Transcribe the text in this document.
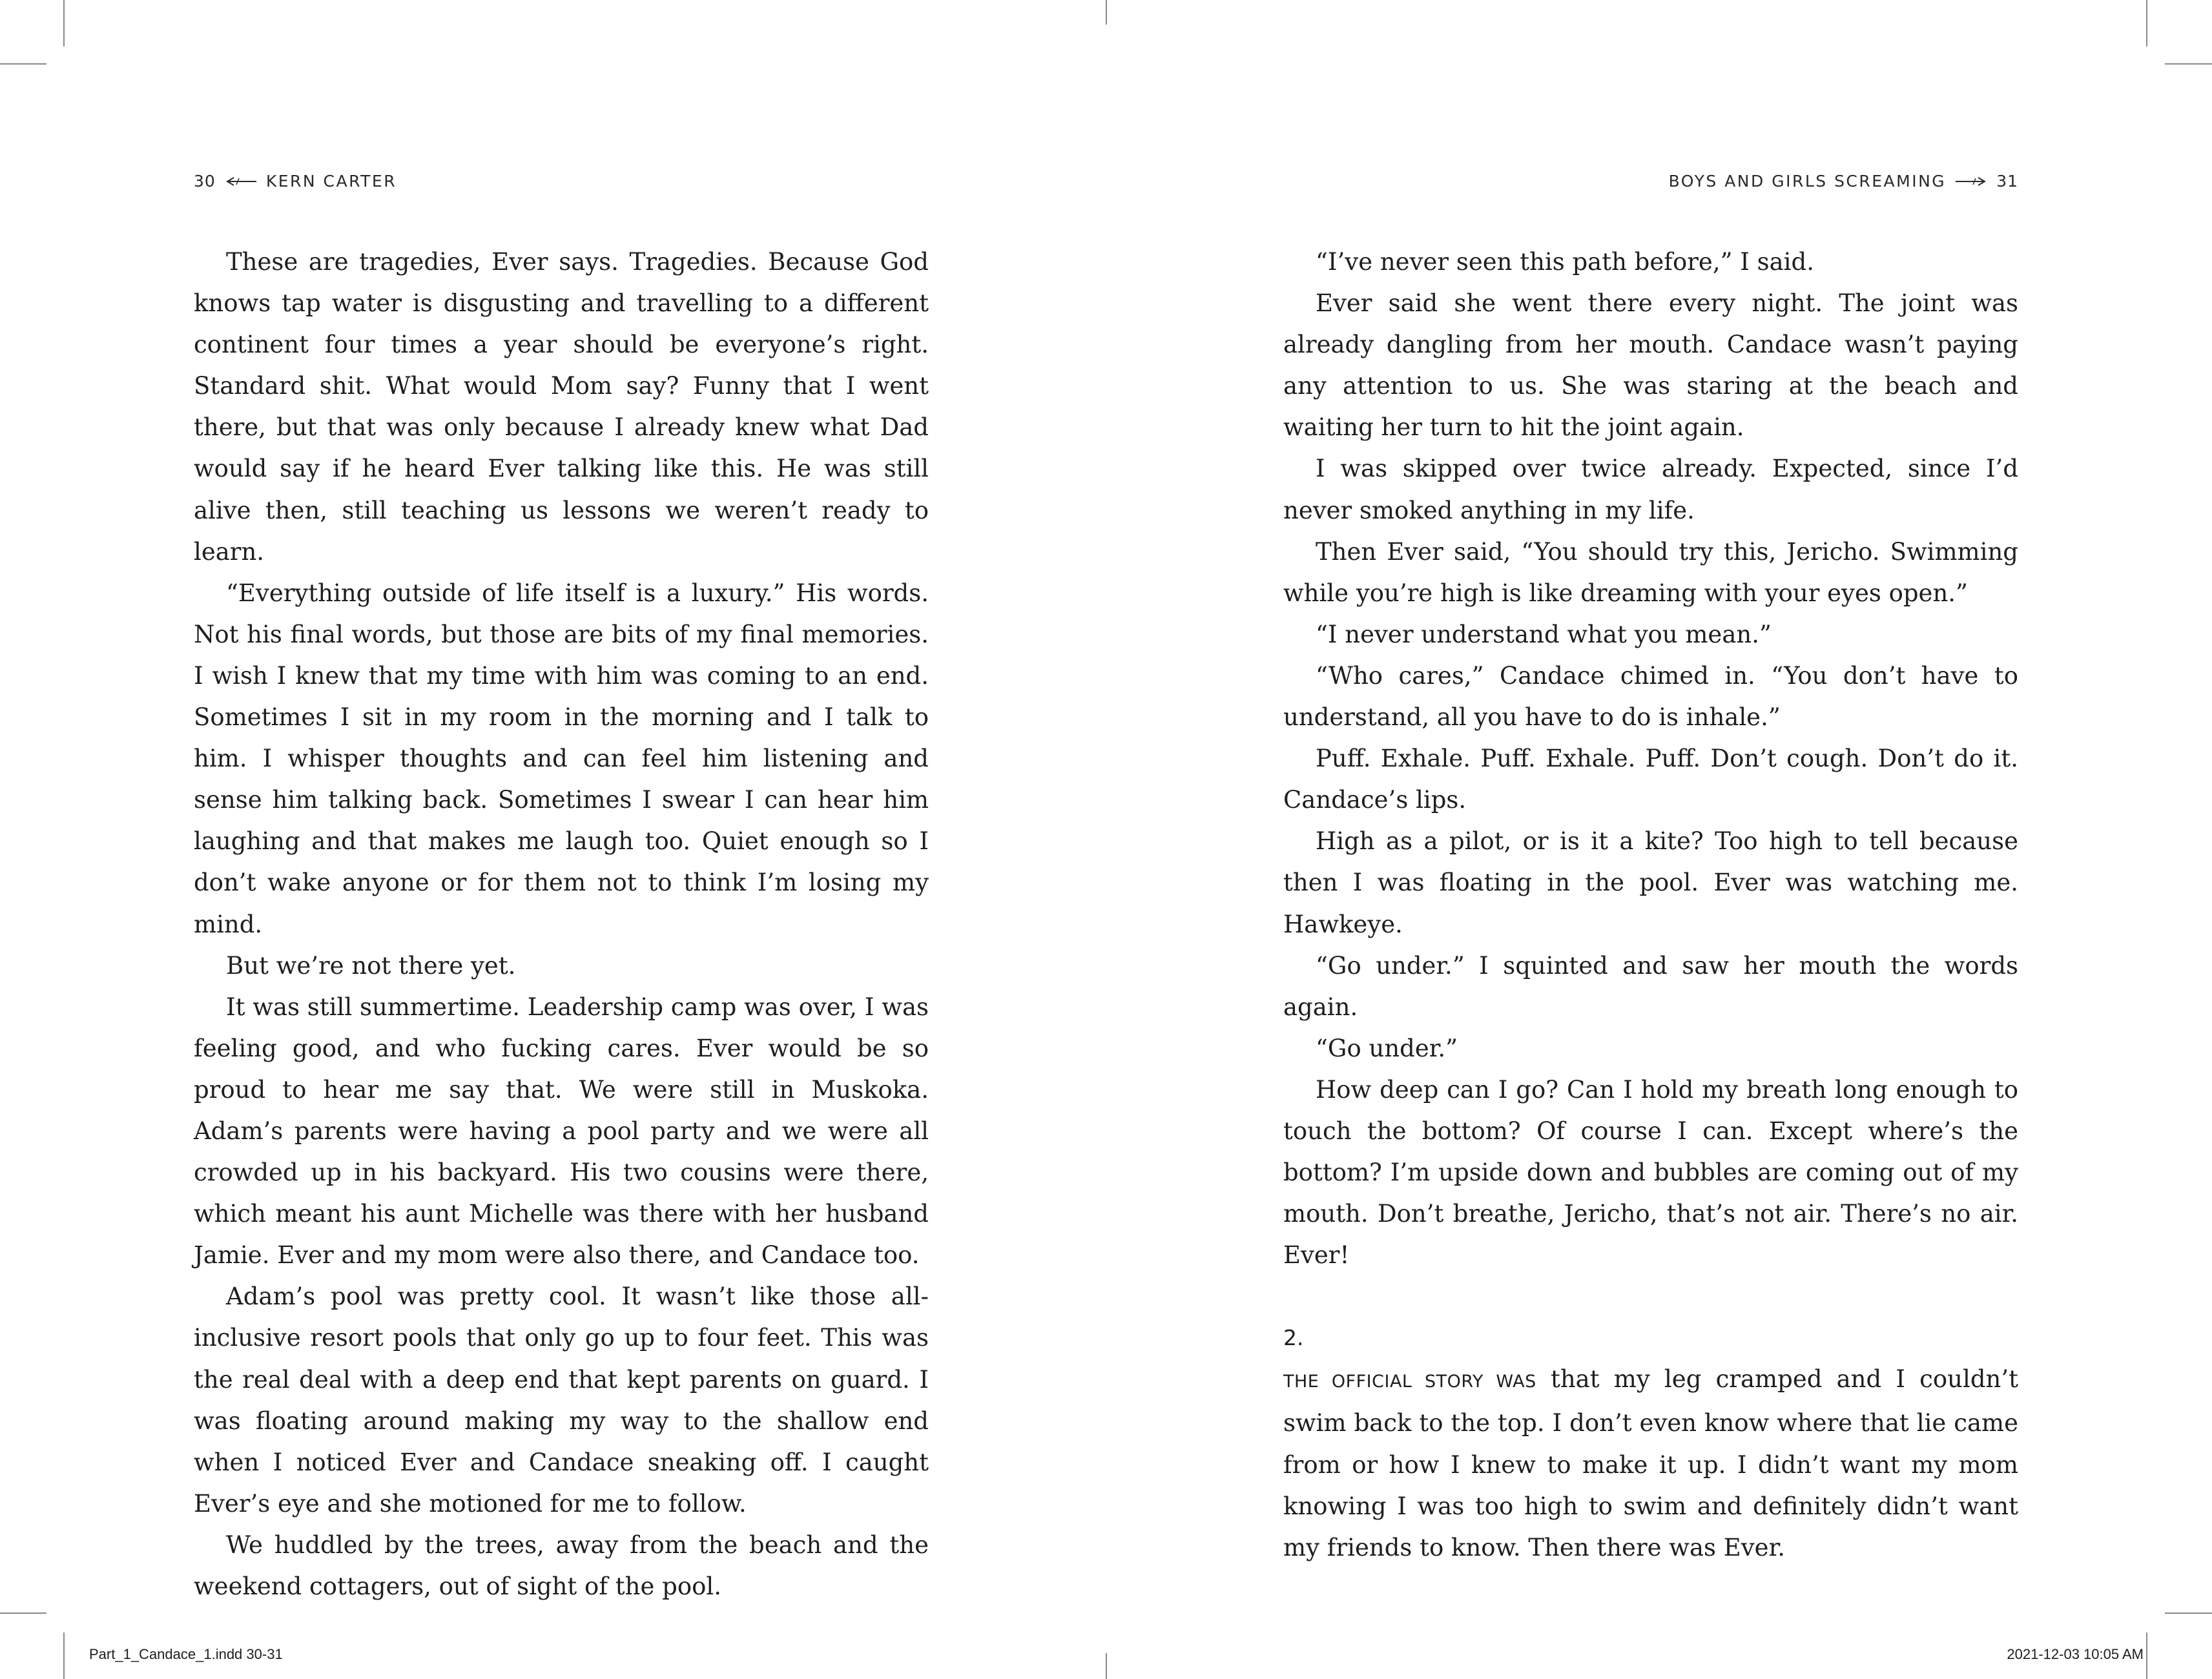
30	KERN CARTER	BOYS AND GIRLS SCREAMING	31

These are tragedies, Ever says. Tragedies. Because God knows tap water is disgusting and travelling to a different continent four times a year should be everyone’s right. Standard shit. What would Mom say? Funny that I went there, but that was only because I already knew what Dad would say if he heard Ever talking like this. He was still alive then, still teaching us lessons we weren’t ready to learn.

“Everything outside of life itself is a luxury.” His words. Not his final words, but those are bits of my final memories. I wish I knew that my time with him was coming to an end. Sometimes I sit in my room in the morning and I talk to him. I whisper thoughts and can feel him listening and sense him talking back. Sometimes I swear I can hear him laughing and that makes me laugh too. Quiet enough so I don’t wake anyone or for them not to think I’m losing my mind.

But we’re not there yet.

It was still summertime. Leadership camp was over, I was feeling good, and who fucking cares. Ever would be so proud to hear me say that. We were still in Muskoka. Adam’s parents were having a pool party and we were all crowded up in his backyard. His two cousins were there, which meant his aunt Michelle was there with her husband Jamie. Ever and my mom were also there, and Candace too.

Adam’s pool was pretty cool. It wasn’t like those all-inclusive resort pools that only go up to four feet. This was the real deal with a deep end that kept parents on guard. I was floating around making my way to the shallow end when I noticed Ever and Candace sneaking off. I caught Ever’s eye and she motioned for me to follow.

We huddled by the trees, away from the beach and the weekend cottagers, out of sight of the pool.

“I’ve never seen this path before,” I said.

Ever said she went there every night. The joint was already dangling from her mouth. Candace wasn’t paying any attention to us. She was staring at the beach and waiting her turn to hit the joint again.

I was skipped over twice already. Expected, since I’d never smoked anything in my life.

Then Ever said, “You should try this, Jericho. Swimming while you’re high is like dreaming with your eyes open.”

“I never understand what you mean.”

“Who cares,” Candace chimed in. “You don’t have to understand, all you have to do is inhale.”

Puff. Exhale. Puff. Exhale. Puff. Don’t cough. Don’t do it. Candace’s lips.

High as a pilot, or is it a kite? Too high to tell because then I was floating in the pool. Ever was watching me. Hawkeye.

“Go under.” I squinted and saw her mouth the words again.

“Go under.”

How deep can I go? Can I hold my breath long enough to touch the bottom? Of course I can. Except where’s the bottom? I’m upside down and bubbles are coming out of my mouth. Don’t breathe, Jericho, that’s not air. There’s no air. Ever!

2.

THE OFFICIAL STORY WAS that my leg cramped and I couldn’t swim back to the top. I don’t even know where that lie came from or how I knew to make it up. I didn’t want my mom knowing I was too high to swim and definitely didn’t want my friends to know. Then there was Ever.

Part_1_Candace_1.indd 30-31	2021-12-03 10:05 AM
